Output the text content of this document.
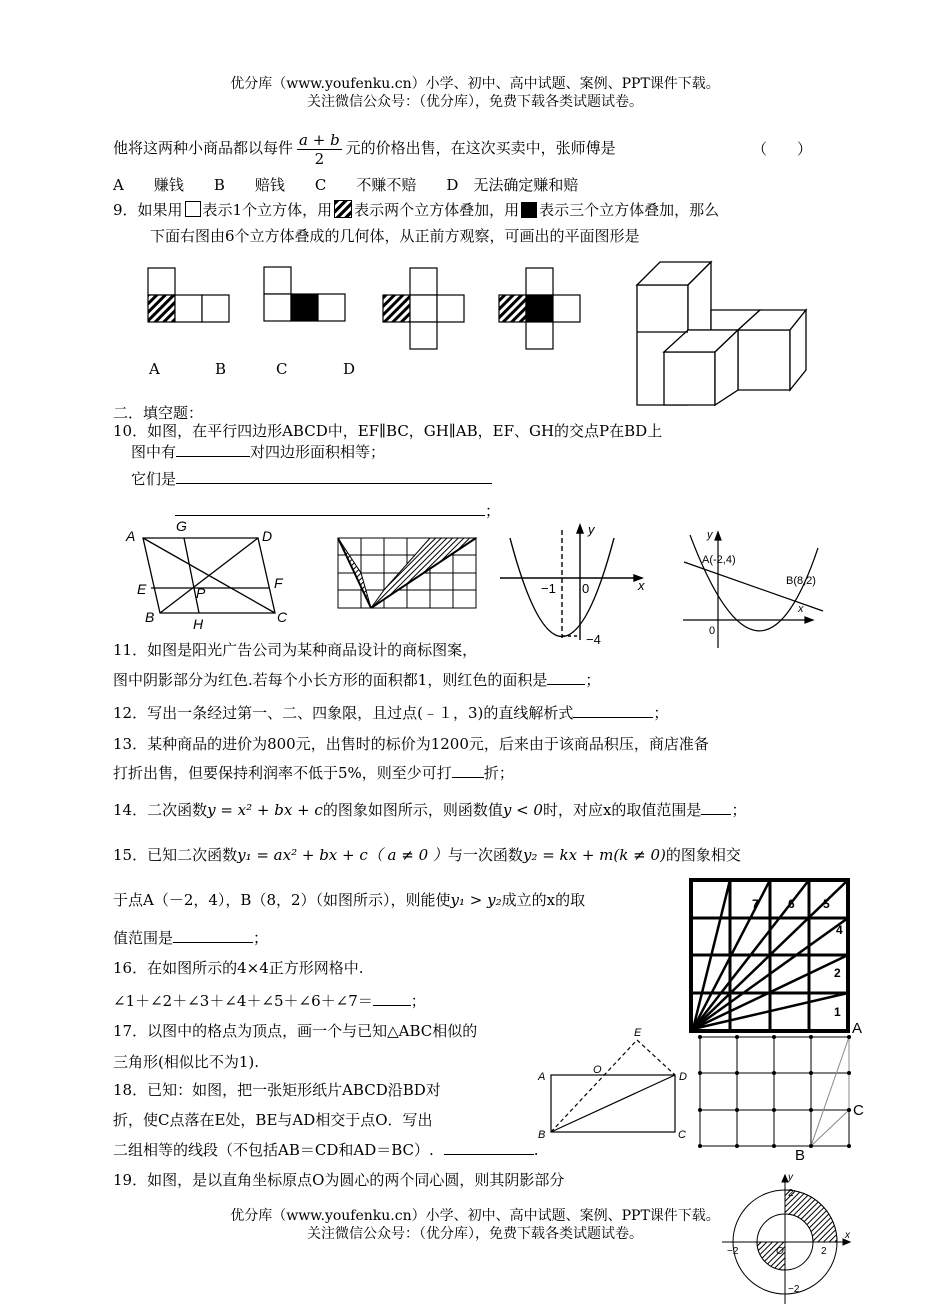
优分库（www.youfenku.cn）小学、初中、高中试题、案例、PPT课件下载。
关注微信公众号：（优分库），免费下载各类试题试卷。
他将这两种小商品都以每件 $\frac{a + b}{2}$ 元的价格出售，在这次买卖中，张师傅是	（　　）
A　　赚钱　　B　　赔钱　　C　　不赚不赔　　D　无法确定赚和赔
9．如果用 表示1个立方体，用 表示两个立方体叠加，用 表示三个立方体叠加，那么
下面右图由6个立方体叠成的几何体，从正前方观察，可画出的平面图形是
A	B	C	D
二．填空题：
10．如图，在平行四边形ABCD中，EF∥BC，GH∥AB，EF、GH的交点P在BD上
图中有	对四边形面积相等；
它们是
；
A
G
D
E	F
P
B	H	C
y
x
−1 0
−4
y
x
0
A(-2,4)
B(8,2)
11．如图是阳光广告公司为某种商品设计的商标图案，
图中阴影部分为红色.若每个小长方形的面积都1，则红色的面积是	；
12．写出一条经过第一、二、四象限，且过点(﹣１，3)的直线解析式	；
13．某种商品的进价为800元，出售时的标价为1200元，后来由于该商品积压，商店准备
打折出售，但要保持利润率不低于5%，则至少可打 折；
14．二次函数y = x² + bx + c的图象如图所示，则函数值y < 0时，对应x的取值范围是 ；
15．已知二次函数y₁ = ax² + bx + c（ a ≠ 0 ）与一次函数y₂ = kx + m(k ≠ 0)的图象相交
于点A（－2，4），B（8，2）（如图所示），则能使y₁ > y₂成立的x的取
值范围是	；
16．在如图所示的4×4正方形网格中.
∠1＋∠2＋∠3＋∠4＋∠5＋∠6＋∠7＝	；
17．以图中的格点为顶点，画一个与已知△ABC相似的
三角形(相似比不为1).
18．已知：如图，把一张矩形纸片ABCD沿BD对
折，使C点落在E处，BE与AD相交于点O．写出
二组相等的线段（不包括AB＝CD和AD＝BC）.	.
19．如图，是以直角坐标原点O为圆心的两个同心圆，则其阴影部分
7 6 5
4
2
1
A
C
B
A
O
D
E
B	C
y
x
O
2
−2
2
−2
优分库（www.youfenku.cn）小学、初中、高中试题、案例、PPT课件下载。
关注微信公众号：（优分库），免费下载各类试题试卷。
